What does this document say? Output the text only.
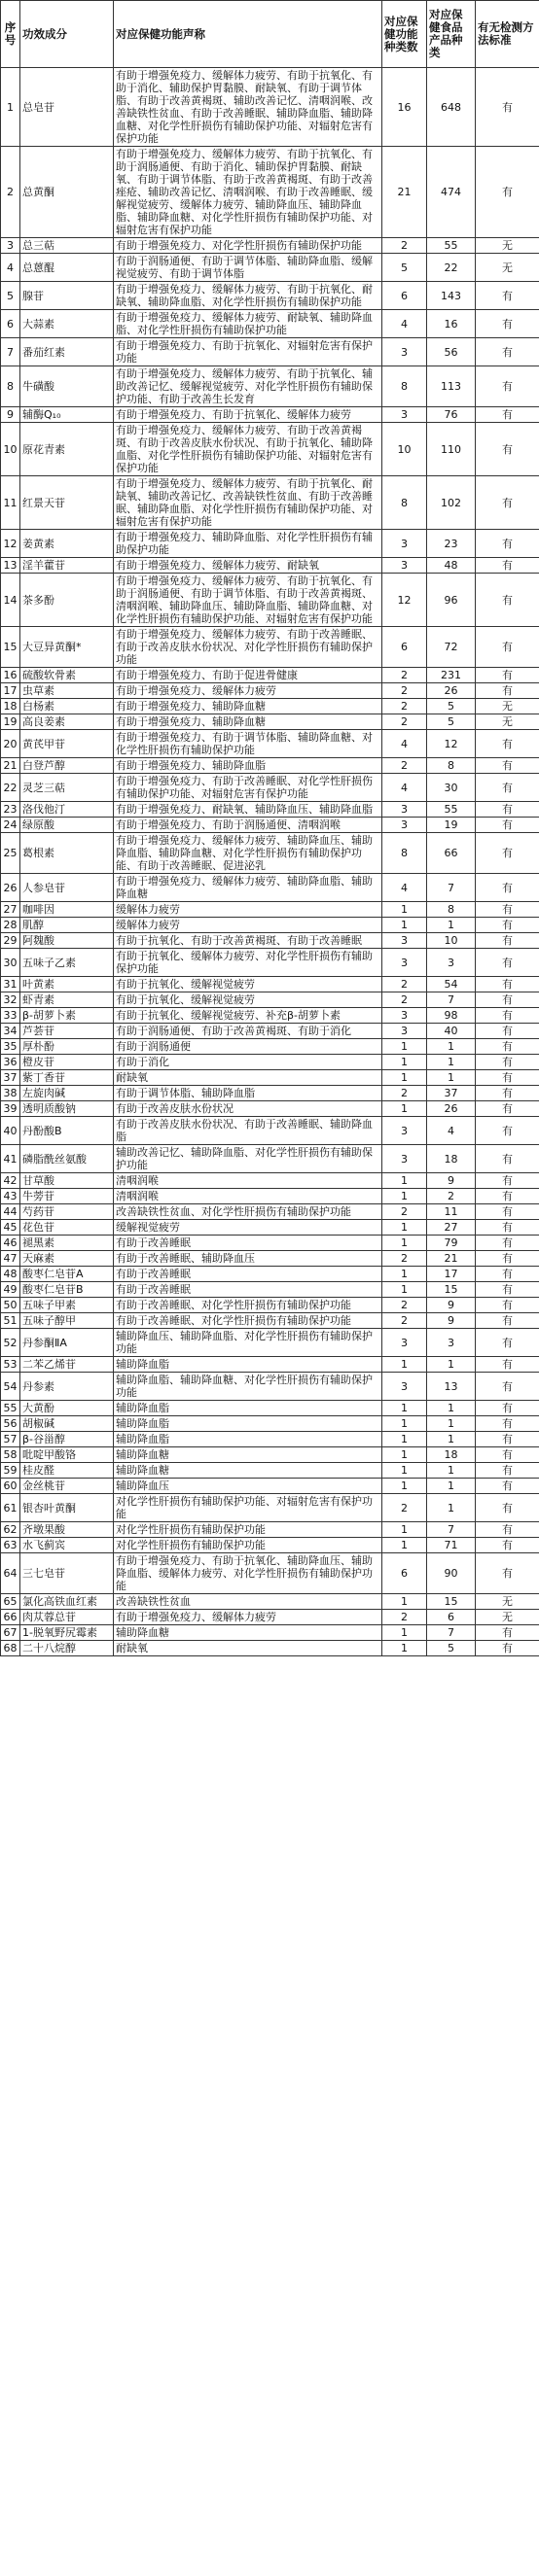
序号	功效成分	对应保健功能声称	对应保健功能种类数	对应保健食品产品种类	有无检测方法标准
1	总皂苷	有助于增强免疫力、缓解体力疲劳、有助于抗氧化、有助于消化、辅助保护胃黏膜、耐缺氧、有助于调节体脂、有助于改善黄褐斑、辅助改善记忆、清咽润喉、改善缺铁性贫血、有助于改善睡眠、辅助降血脂、辅助降血糖、对化学性肝损伤有辅助保护功能、对辐射危害有保护功能	16	648	有
2	总黄酮	有助于增强免疫力、缓解体力疲劳、有助于抗氧化、有助于润肠通便、有助于消化、辅助保护胃黏膜、耐缺氧、有助于调节体脂、有助于改善黄褐斑、有助于改善痤疮、辅助改善记忆、清咽润喉、有助于改善睡眠、缓解视觉疲劳、缓解体力疲劳、辅助降血压、辅助降血脂、辅助降血糖、对化学性肝损伤有辅助保护功能、对辐射危害有保护功能	21	474	有
3	总三萜	有助于增强免疫力、对化学性肝损伤有辅助保护功能	2	55	无
4	总蒽醌	有助于润肠通便、有助于调节体脂、辅助降血脂、缓解视觉疲劳、有助于调节体脂	5	22	无
5	腺苷	有助于增强免疫力、缓解体力疲劳、有助于抗氧化、耐缺氧、辅助降血脂、对化学性肝损伤有辅助保护功能	6	143	有
6	大蒜素	有助于增强免疫力、缓解体力疲劳、耐缺氧、辅助降血脂、对化学性肝损伤有辅助保护功能	4	16	有
7	番茄红素	有助于增强免疫力、有助于抗氧化、对辐射危害有保护功能	3	56	有
8	牛磺酸	有助于增强免疫力、缓解体力疲劳、有助于抗氧化、辅助改善记忆、缓解视觉疲劳、对化学性肝损伤有辅助保护功能、有助于改善生长发育	8	113	有
9	辅酶Q₁₀	有助于增强免疫力、有助于抗氧化、缓解体力疲劳	3	76	有
10	原花青素	有助于增强免疫力、缓解体力疲劳、有助于改善黄褐斑、有助于改善皮肤水份状况、有助于抗氧化、辅助降血脂、对化学性肝损伤有辅助保护功能、对辐射危害有保护功能	10	110	有
11	红景天苷	有助于增强免疫力、缓解体力疲劳、有助于抗氧化、耐缺氧、辅助改善记忆、改善缺铁性贫血、有助于改善睡眠、辅助降血脂、对化学性肝损伤有辅助保护功能、对辐射危害有保护功能	8	102	有
12	姜黄素	有助于增强免疫力、辅助降血脂、对化学性肝损伤有辅助保护功能	3	23	有
13	淫羊藿苷	有助于增强免疫力、缓解体力疲劳、耐缺氧	3	48	有
14	茶多酚	有助于增强免疫力、缓解体力疲劳、有助于抗氧化、有助于润肠通便、有助于调节体脂、有助于改善黄褐斑、清咽润喉、辅助降血压、辅助降血脂、辅助降血糖、对化学性肝损伤有辅助保护功能、对辐射危害有保护功能	12	96	有
15	大豆异黄酮*	有助于增强免疫力、缓解体力疲劳、有助于改善睡眠、有助于改善皮肤水份状况、对化学性肝损伤有辅助保护功能	6	72	有
16	硫酸软骨素	有助于增强免疫力、有助于促进骨健康	2	231	有
17	虫草素	有助于增强免疫力、缓解体力疲劳	2	26	有
18	白杨素	有助于增强免疫力、辅助降血糖	2	5	无
19	高良姜素	有助于增强免疫力、辅助降血糖	2	5	无
20	黄芪甲苷	有助于增强免疫力、有助于调节体脂、辅助降血糖、对化学性肝损伤有辅助保护功能	4	12	有
21	白登芦醇	有助于增强免疫力、辅助降血脂	2	8	有
22	灵芝三萜	有助于增强免疫力、有助于改善睡眠、对化学性肝损伤有辅助保护功能、对辐射危害有保护功能	4	30	有
23	洛伐他汀	有助于增强免疫力、耐缺氧、辅助降血压、辅助降血脂	3	55	有
24	绿原酸	有助于增强免疫力、有助于润肠通便、清咽润喉	3	19	有
25	葛根素	有助于增强免疫力、缓解体力疲劳、辅助降血压、辅助降血脂、辅助降血糖、对化学性肝损伤有辅助保护功能、有助于改善睡眠、促进泌乳	8	66	有
26	人参皂苷	有助于增强免疫力、缓解体力疲劳、辅助降血脂、辅助降血糖	4	7	有
27	咖啡因	缓解体力疲劳	1	8	有
28	肌醇	缓解体力疲劳	1	1	有
29	阿魏酸	有助于抗氧化、有助于改善黄褐斑、有助于改善睡眠	3	10	有
30	五味子乙素	有助于抗氧化、缓解体力疲劳、对化学性肝损伤有辅助保护功能	3	3	有
31	叶黄素	有助于抗氧化、缓解视觉疲劳	2	54	有
32	虾青素	有助于抗氧化、缓解视觉疲劳	2	7	有
33	β-胡萝卜素	有助于抗氧化、缓解视觉疲劳、补充β-胡萝卜素	3	98	有
34	芦荟苷	有助于润肠通便、有助于改善黄褐斑、有助于消化	3	40	有
35	厚朴酚	有助于润肠通便	1	1	有
36	橙皮苷	有助于消化	1	1	有
37	紫丁香苷	耐缺氧	1	1	有
38	左旋肉碱	有助于调节体脂、辅助降血脂	2	37	有
39	透明质酸钠	有助于改善皮肤水份状况	1	26	有
40	丹酚酸B	有助于改善皮肤水份状况、有助于改善睡眠、辅助降血脂	3	4	有
41	磷脂酰丝氨酸	辅助改善记忆、辅助降血脂、对化学性肝损伤有辅助保护功能	3	18	有
42	甘草酸	清咽润喉	1	9	有
43	牛蒡苷	清咽润喉	1	2	有
44	芍药苷	改善缺铁性贫血、对化学性肝损伤有辅助保护功能	2	11	有
45	花色苷	缓解视觉疲劳	1	27	有
46	褪黑素	有助于改善睡眠	1	79	有
47	天麻素	有助于改善睡眠、辅助降血压	2	21	有
48	酸枣仁皂苷A	有助于改善睡眠	1	17	有
49	酸枣仁皂苷B	有助于改善睡眠	1	15	有
50	五味子甲素	有助于改善睡眠、对化学性肝损伤有辅助保护功能	2	9	有
51	五味子醇甲	有助于改善睡眠、对化学性肝损伤有辅助保护功能	2	9	有
52	丹参酮ⅡA	辅助降血压、辅助降血脂、对化学性肝损伤有辅助保护功能	3	3	有
53	二苯乙烯苷	辅助降血脂	1	1	有
54	丹参素	辅助降血脂、辅助降血糖、对化学性肝损伤有辅助保护功能	3	13	有
55	大黄酚	辅助降血脂	1	1	有
56	胡椒碱	辅助降血脂	1	1	有
57	β-谷甾醇	辅助降血脂	1	1	有
58	吡啶甲酸铬	辅助降血糖	1	18	有
59	桂皮醛	辅助降血糖	1	1	有
60	金丝桃苷	辅助降血压	1	1	有
61	银杏叶黄酮	对化学性肝损伤有辅助保护功能、对辐射危害有保护功能	2	1	有
62	齐墩果酸	对化学性肝损伤有辅助保护功能	1	7	有
63	水飞蓟宾	对化学性肝损伤有辅助保护功能	1	71	有
64	三七皂苷	有助于增强免疫力、有助于抗氧化、辅助降血压、辅助降血脂、缓解体力疲劳、对化学性肝损伤有辅助保护功能	6	90	有
65	氯化高铁血红素	改善缺铁性贫血	1	15	无
66	肉苁蓉总苷	有助于增强免疫力、缓解体力疲劳	2	6	无
67	1-脱氧野尻霉素	辅助降血糖	1	7	有
68	二十八烷醇	耐缺氧	1	5	有
